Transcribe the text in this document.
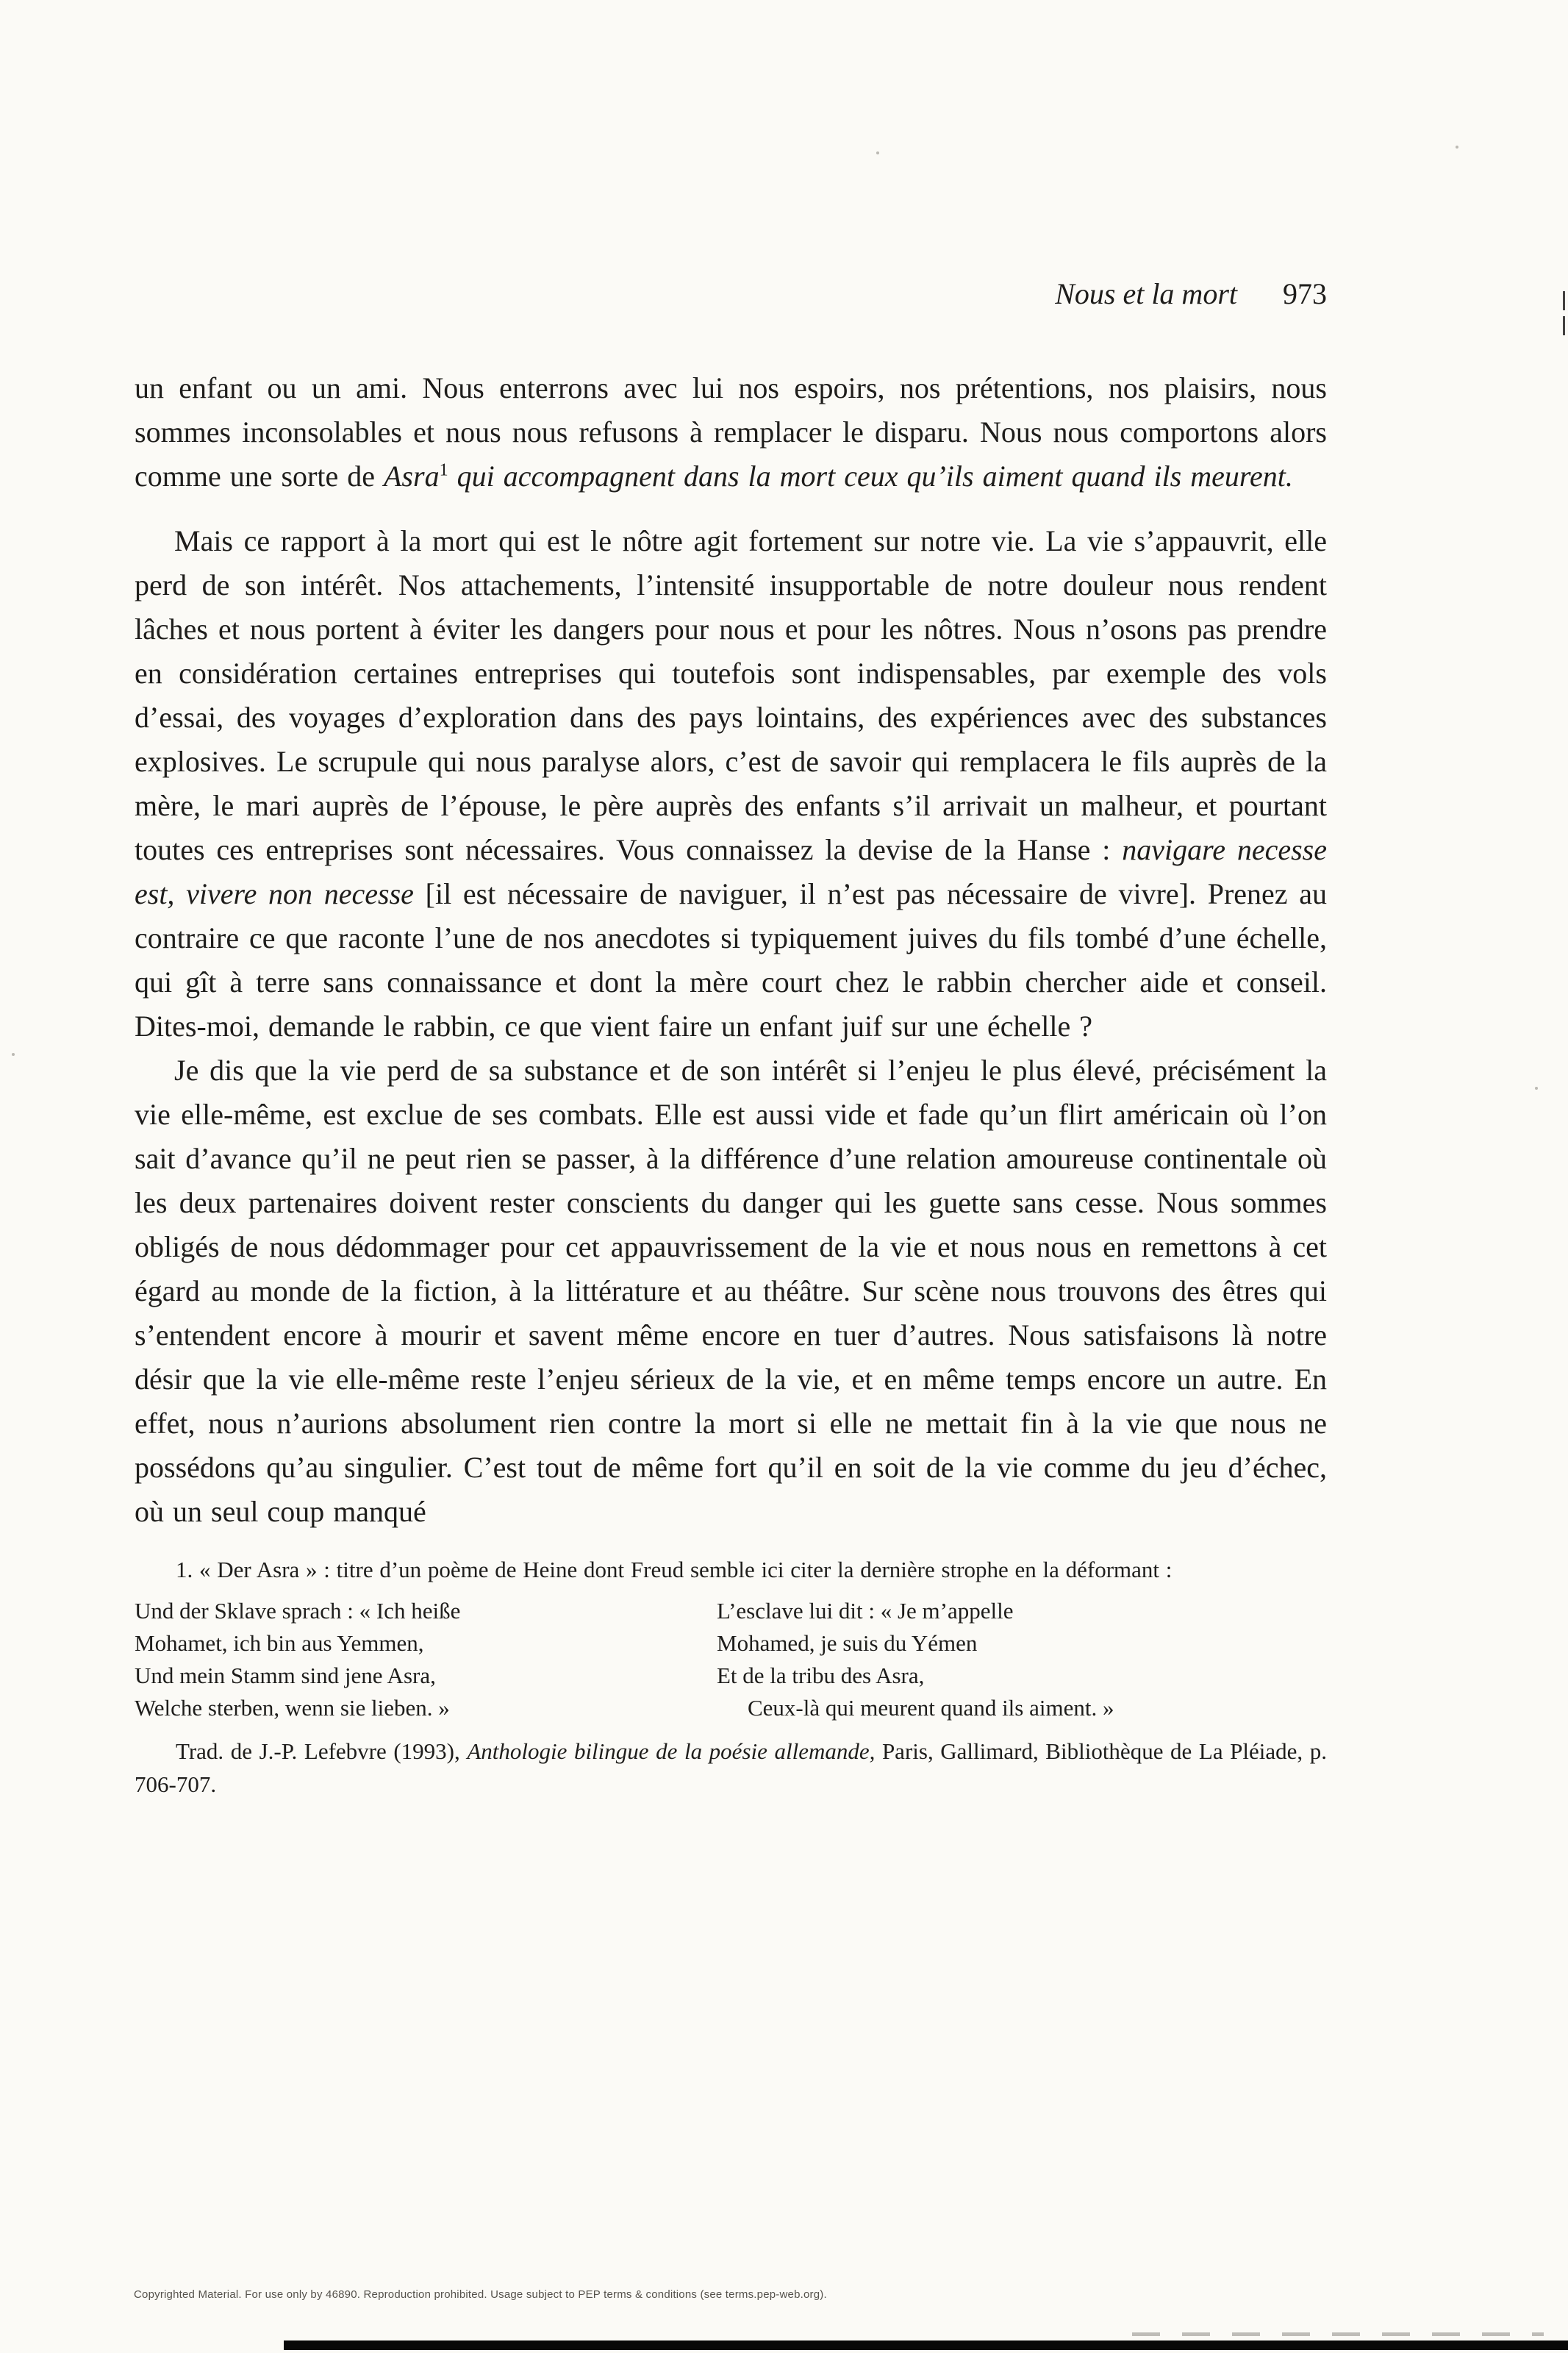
Nous et la mort 973

un enfant ou un ami. Nous enterrons avec lui nos espoirs, nos prétentions, nos plaisirs, nous sommes inconsolables et nous nous refusons à remplacer le disparu. Nous nous comportons alors comme une sorte de Asra$^1$ qui accompagnent dans la mort ceux qu’ils aiment quand ils meurent.

Mais ce rapport à la mort qui est le nôtre agit fortement sur notre vie. La vie s’appauvrit, elle perd de son intérêt. Nos attachements, l’intensité insupportable de notre douleur nous rendent lâches et nous portent à éviter les dangers pour nous et pour les nôtres. Nous n’osons pas prendre en considération certaines entreprises qui toutefois sont indispensables, par exemple des vols d’essai, des voyages d’exploration dans des pays lointains, des expériences avec des substances explosives. Le scrupule qui nous paralyse alors, c’est de savoir qui remplacera le fils auprès de la mère, le mari auprès de l’épouse, le père auprès des enfants s’il arrivait un malheur, et pourtant toutes ces entreprises sont nécessaires. Vous connaissez la devise de la Hanse : navigare necesse est, vivere non necesse [il est nécessaire de naviguer, il n’est pas nécessaire de vivre]. Prenez au contraire ce que raconte l’une de nos anecdotes si typiquement juives du fils tombé d’une échelle, qui gît à terre sans connaissance et dont la mère court chez le rabbin chercher aide et conseil. Dites-moi, demande le rabbin, ce que vient faire un enfant juif sur une échelle ?

Je dis que la vie perd de sa substance et de son intérêt si l’enjeu le plus élevé, précisément la vie elle-même, est exclue de ses combats. Elle est aussi vide et fade qu’un flirt américain où l’on sait d’avance qu’il ne peut rien se passer, à la différence d’une relation amoureuse continentale où les deux partenaires doivent rester conscients du danger qui les guette sans cesse. Nous sommes obligés de nous dédommager pour cet appauvrissement de la vie et nous nous en remettons à cet égard au monde de la fiction, à la littérature et au théâtre. Sur scène nous trouvons des êtres qui s’entendent encore à mourir et savent même encore en tuer d’autres. Nous satisfaisons là notre désir que la vie elle-même reste l’enjeu sérieux de la vie, et en même temps encore un autre. En effet, nous n’aurions absolument rien contre la mort si elle ne mettait fin à la vie que nous ne possédons qu’au singulier. C’est tout de même fort qu’il en soit de la vie comme du jeu d’échec, où un seul coup manqué

1. « Der Asra » : titre d’un poème de Heine dont Freud semble ici citer la dernière strophe en la déformant :

Und der Sklave sprach : « Ich heiße
Mohamet, ich bin aus Yemmen,
Und mein Stamm sind jene Asra,
Welche sterben, wenn sie lieben. »
L’esclave lui dit : « Je m’appelle
Mohamed, je suis du Yémen
Et de la tribu des Asra,
Ceux-là qui meurent quand ils aiment. »

Trad. de J.-P. Lefebvre (1993), Anthologie bilingue de la poésie allemande, Paris, Gallimard, Bibliothèque de La Pléiade, p. 706-707.

Copyrighted Material. For use only by 46890. Reproduction prohibited. Usage subject to PEP terms & conditions (see terms.pep-web.org).
